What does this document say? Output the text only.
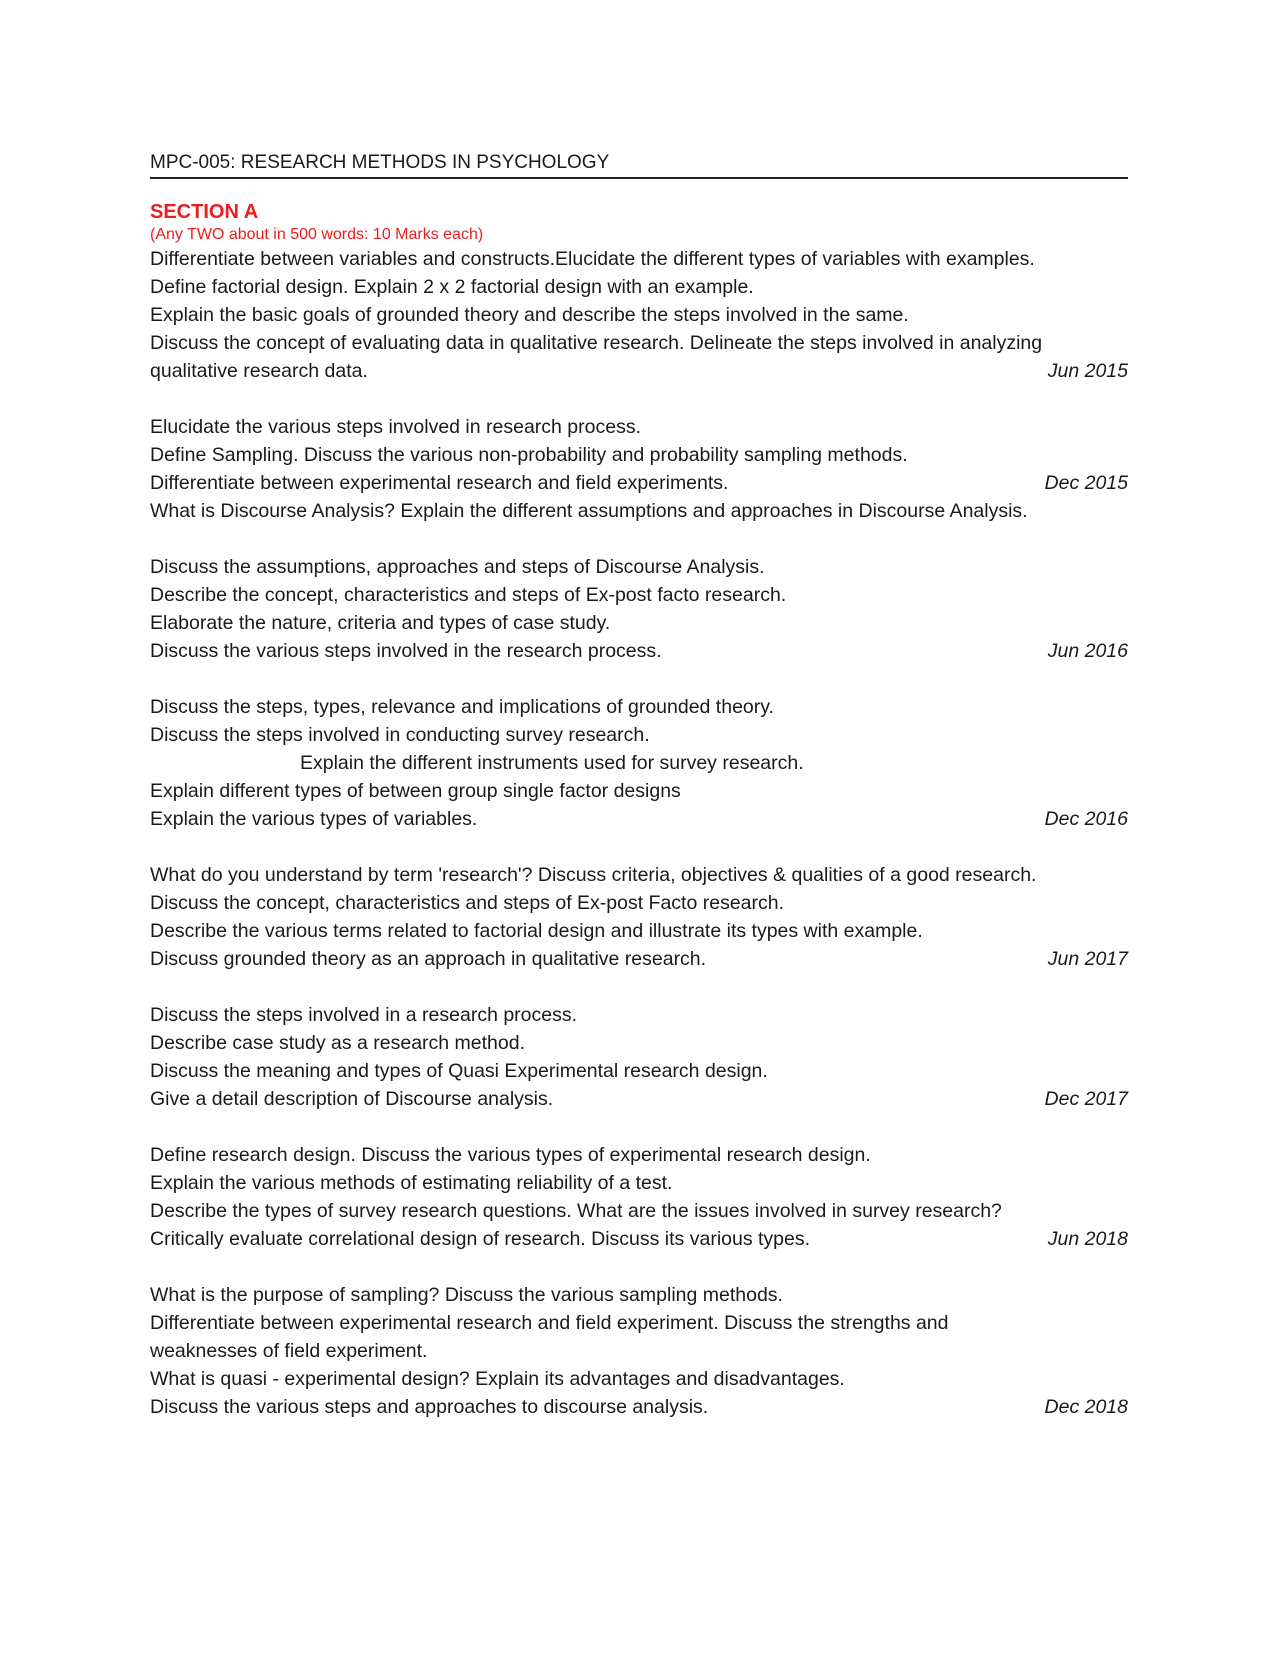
MPC-005: RESEARCH METHODS IN PSYCHOLOGY
SECTION A
(Any TWO about in 500 words: 10 Marks each)
Differentiate between variables and constructs.Elucidate the different types of variables with examples.
Define factorial design. Explain 2 x 2 factorial design with an example.
Explain the basic goals of grounded theory and describe the steps involved in the same.
Discuss the concept of evaluating data in qualitative research. Delineate the steps involved in analyzing
qualitative research data.	Jun 2015
Elucidate the various steps involved in research process.
Define Sampling. Discuss the various non-probability and probability sampling methods.
Differentiate between experimental research and field experiments.	Dec 2015
What is Discourse Analysis? Explain the different assumptions and approaches in Discourse Analysis.
Discuss the assumptions, approaches and steps of Discourse Analysis.
Describe the concept, characteristics and steps of Ex-post facto research.
Elaborate the nature, criteria and types of case study.
Discuss the various steps involved in the research process.	Jun 2016
Discuss the steps, types, relevance and implications of grounded theory.
Discuss the steps involved in conducting survey research.
Explain the different instruments used for survey research.
Explain different types of between group single factor designs
Explain the various types of variables.	Dec 2016
What do you understand by term 'research'? Discuss criteria, objectives & qualities of a good research.
Discuss the concept, characteristics and steps of Ex-post Facto research.
Describe the various terms related to factorial design and illustrate its types with example.
Discuss grounded theory as an approach in qualitative research.	Jun 2017
Discuss the steps involved in a research process.
Describe case study as a research method.
Discuss the meaning and types of Quasi Experimental research design.
Give a detail description of Discourse analysis.	Dec 2017
Define research design. Discuss the various types of experimental research design.
Explain the various methods of estimating reliability of a test.
Describe the types of survey research questions. What are the issues involved in survey research?
Critically evaluate correlational design of research. Discuss its various types.	Jun 2018
What is the purpose of sampling? Discuss the various sampling methods.
Differentiate between experimental research and field experiment. Discuss the strengths and
weaknesses of field experiment.
What is quasi - experimental design? Explain its advantages and disadvantages.
Discuss the various steps and approaches to discourse analysis.	Dec 2018
